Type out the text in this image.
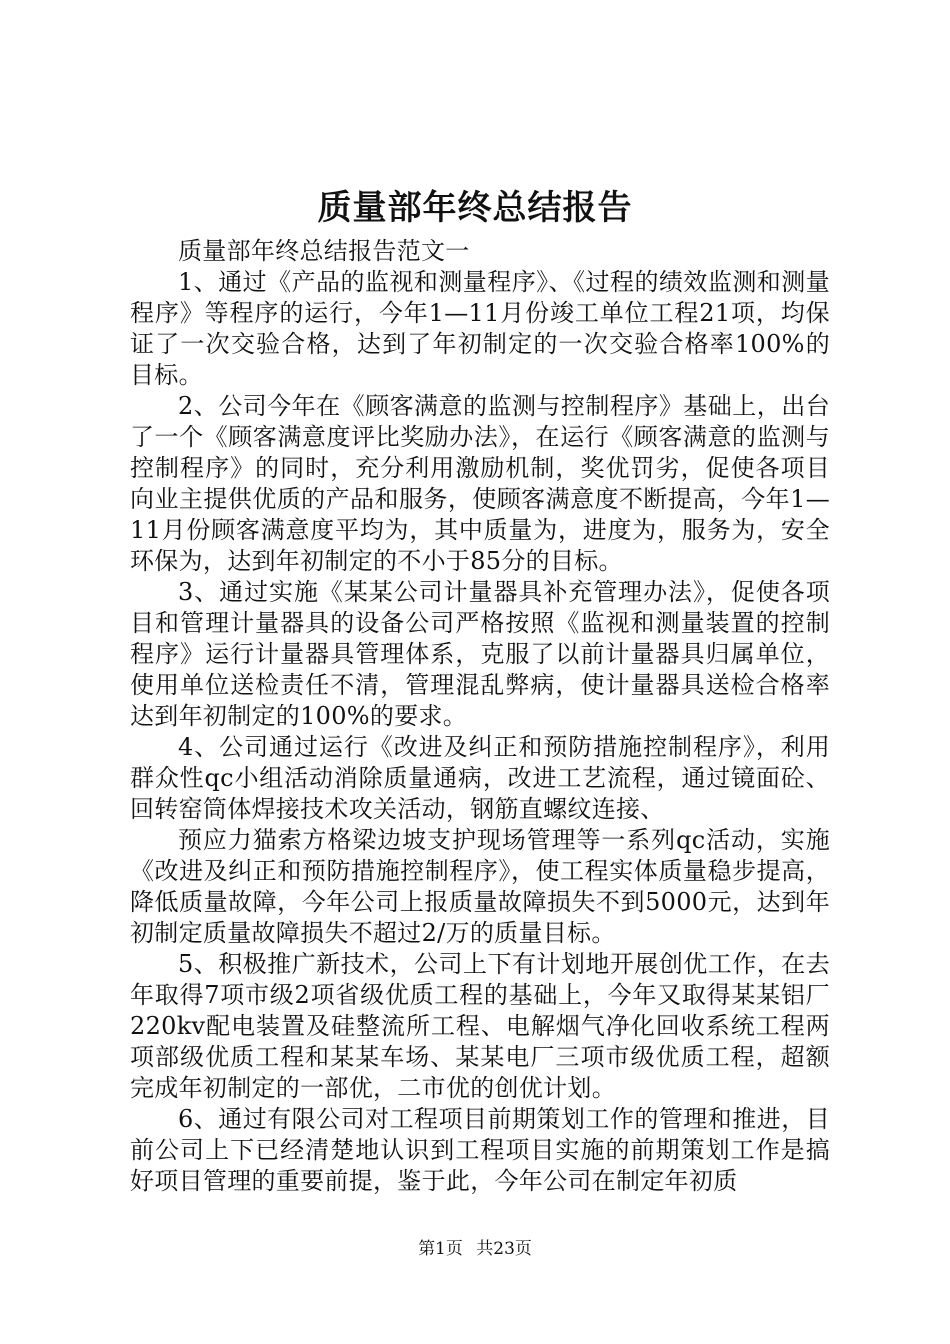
质量部年终总结报告

质量部年终总结报告范文一

1、通过《产品的监视和测量程序》、《过程的绩效监测和测量程序》等程序的运行，今年1—11月份竣工单位工程21项，均保证了一次交验合格，达到了年初制定的一次交验合格率100%的目标。

2、公司今年在《顾客满意的监测与控制程序》基础上，出台了一个《顾客满意度评比奖励办法》，在运行《顾客满意的监测与控制程序》的同时，充分利用激励机制，奖优罚劣，促使各项目向业主提供优质的产品和服务，使顾客满意度不断提高，今年1—11月份顾客满意度平均为，其中质量为，进度为，服务为，安全环保为，达到年初制定的不小于85分的目标。

3、通过实施《某某公司计量器具补充管理办法》，促使各项目和管理计量器具的设备公司严格按照《监视和测量装置的控制程序》运行计量器具管理体系，克服了以前计量器具归属单位，使用单位送检责任不清，管理混乱弊病，使计量器具送检合格率达到年初制定的100%的要求。

4、公司通过运行《改进及纠正和预防措施控制程序》，利用群众性qc小组活动消除质量通病，改进工艺流程，通过镜面砼、回转窑筒体焊接技术攻关活动，钢筋直螺纹连接、

预应力猫索方格梁边坡支护现场管理等一系列qc活动，实施《改进及纠正和预防措施控制程序》，使工程实体质量稳步提高，降低质量故障，今年公司上报质量故障损失不到5000元，达到年初制定质量故障损失不超过2/万的质量目标。

5、积极推广新技术，公司上下有计划地开展创优工作，在去年取得7项市级2项省级优质工程的基础上，今年又取得某某铝厂220kv配电装置及硅整流所工程、电解烟气净化回收系统工程两项部级优质工程和某某车场、某某电厂三项市级优质工程，超额完成年初制定的一部优，二市优的创优计划。

6、通过有限公司对工程项目前期策划工作的管理和推进，目前公司上下已经清楚地认识到工程项目实施的前期策划工作是搞好项目管理的重要前提，鉴于此，今年公司在制定年初质

第1页 共23页
